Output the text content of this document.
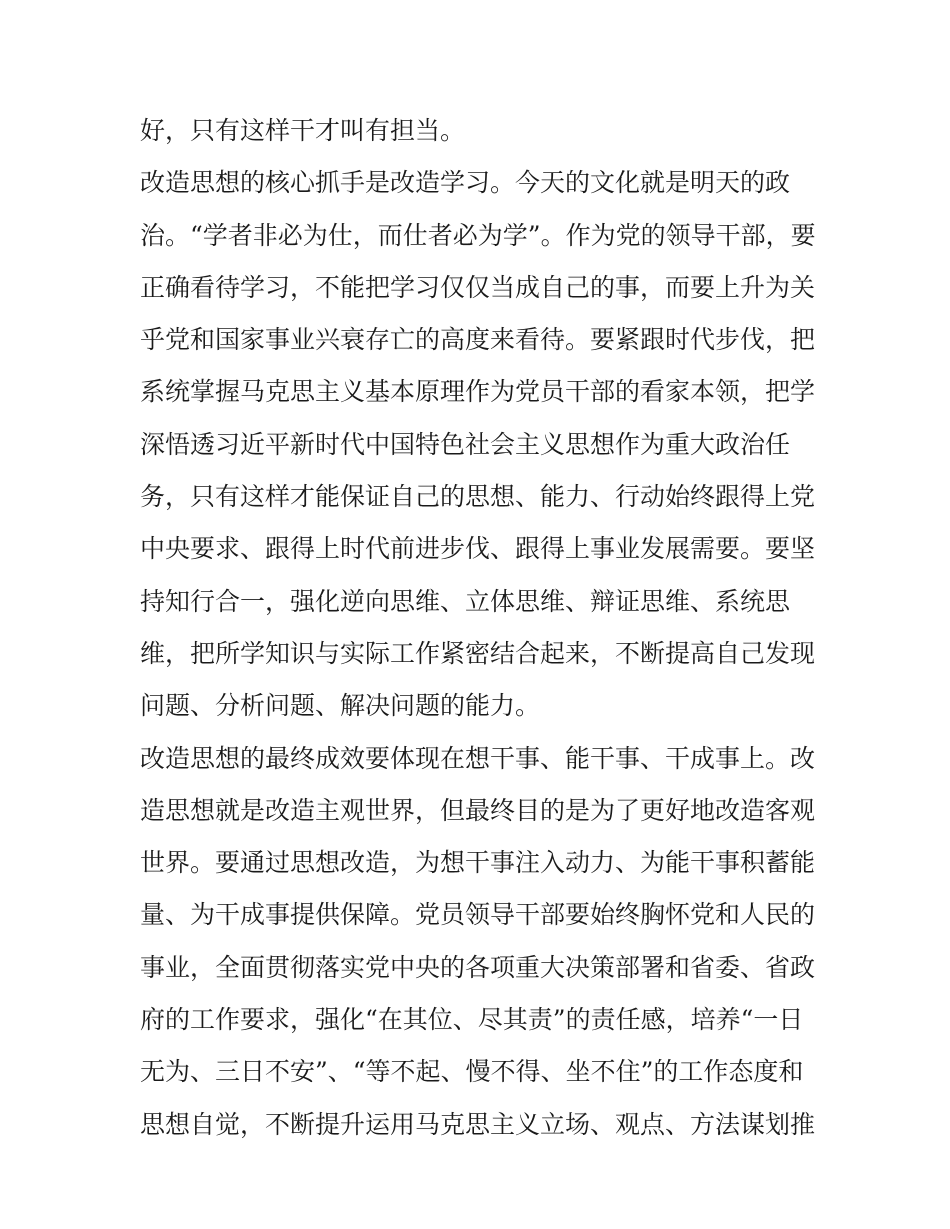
好，只有这样干才叫有担当。
改造思想的核心抓手是改造学习。今天的文化就是明天的政
治。“学者非必为仕，而仕者必为学”。作为党的领导干部，要
正确看待学习，不能把学习仅仅当成自己的事，而要上升为关
乎党和国家事业兴衰存亡的高度来看待。要紧跟时代步伐，把
系统掌握马克思主义基本原理作为党员干部的看家本领，把学
深悟透习近平新时代中国特色社会主义思想作为重大政治任
务，只有这样才能保证自己的思想、能力、行动始终跟得上党
中央要求、跟得上时代前进步伐、跟得上事业发展需要。要坚
持知行合一，强化逆向思维、立体思维、辩证思维、系统思
维，把所学知识与实际工作紧密结合起来，不断提高自己发现
问题、分析问题、解决问题的能力。
改造思想的最终成效要体现在想干事、能干事、干成事上。改
造思想就是改造主观世界，但最终目的是为了更好地改造客观
世界。要通过思想改造，为想干事注入动力、为能干事积蓄能
量、为干成事提供保障。党员领导干部要始终胸怀党和人民的
事业，全面贯彻落实党中央的各项重大决策部署和省委、省政
府的工作要求，强化“在其位、尽其责”的责任感，培养“一日
无为、三日不安”、“等不起、慢不得、坐不住”的工作态度和
思想自觉，不断提升运用马克思主义立场、观点、方法谋划推
